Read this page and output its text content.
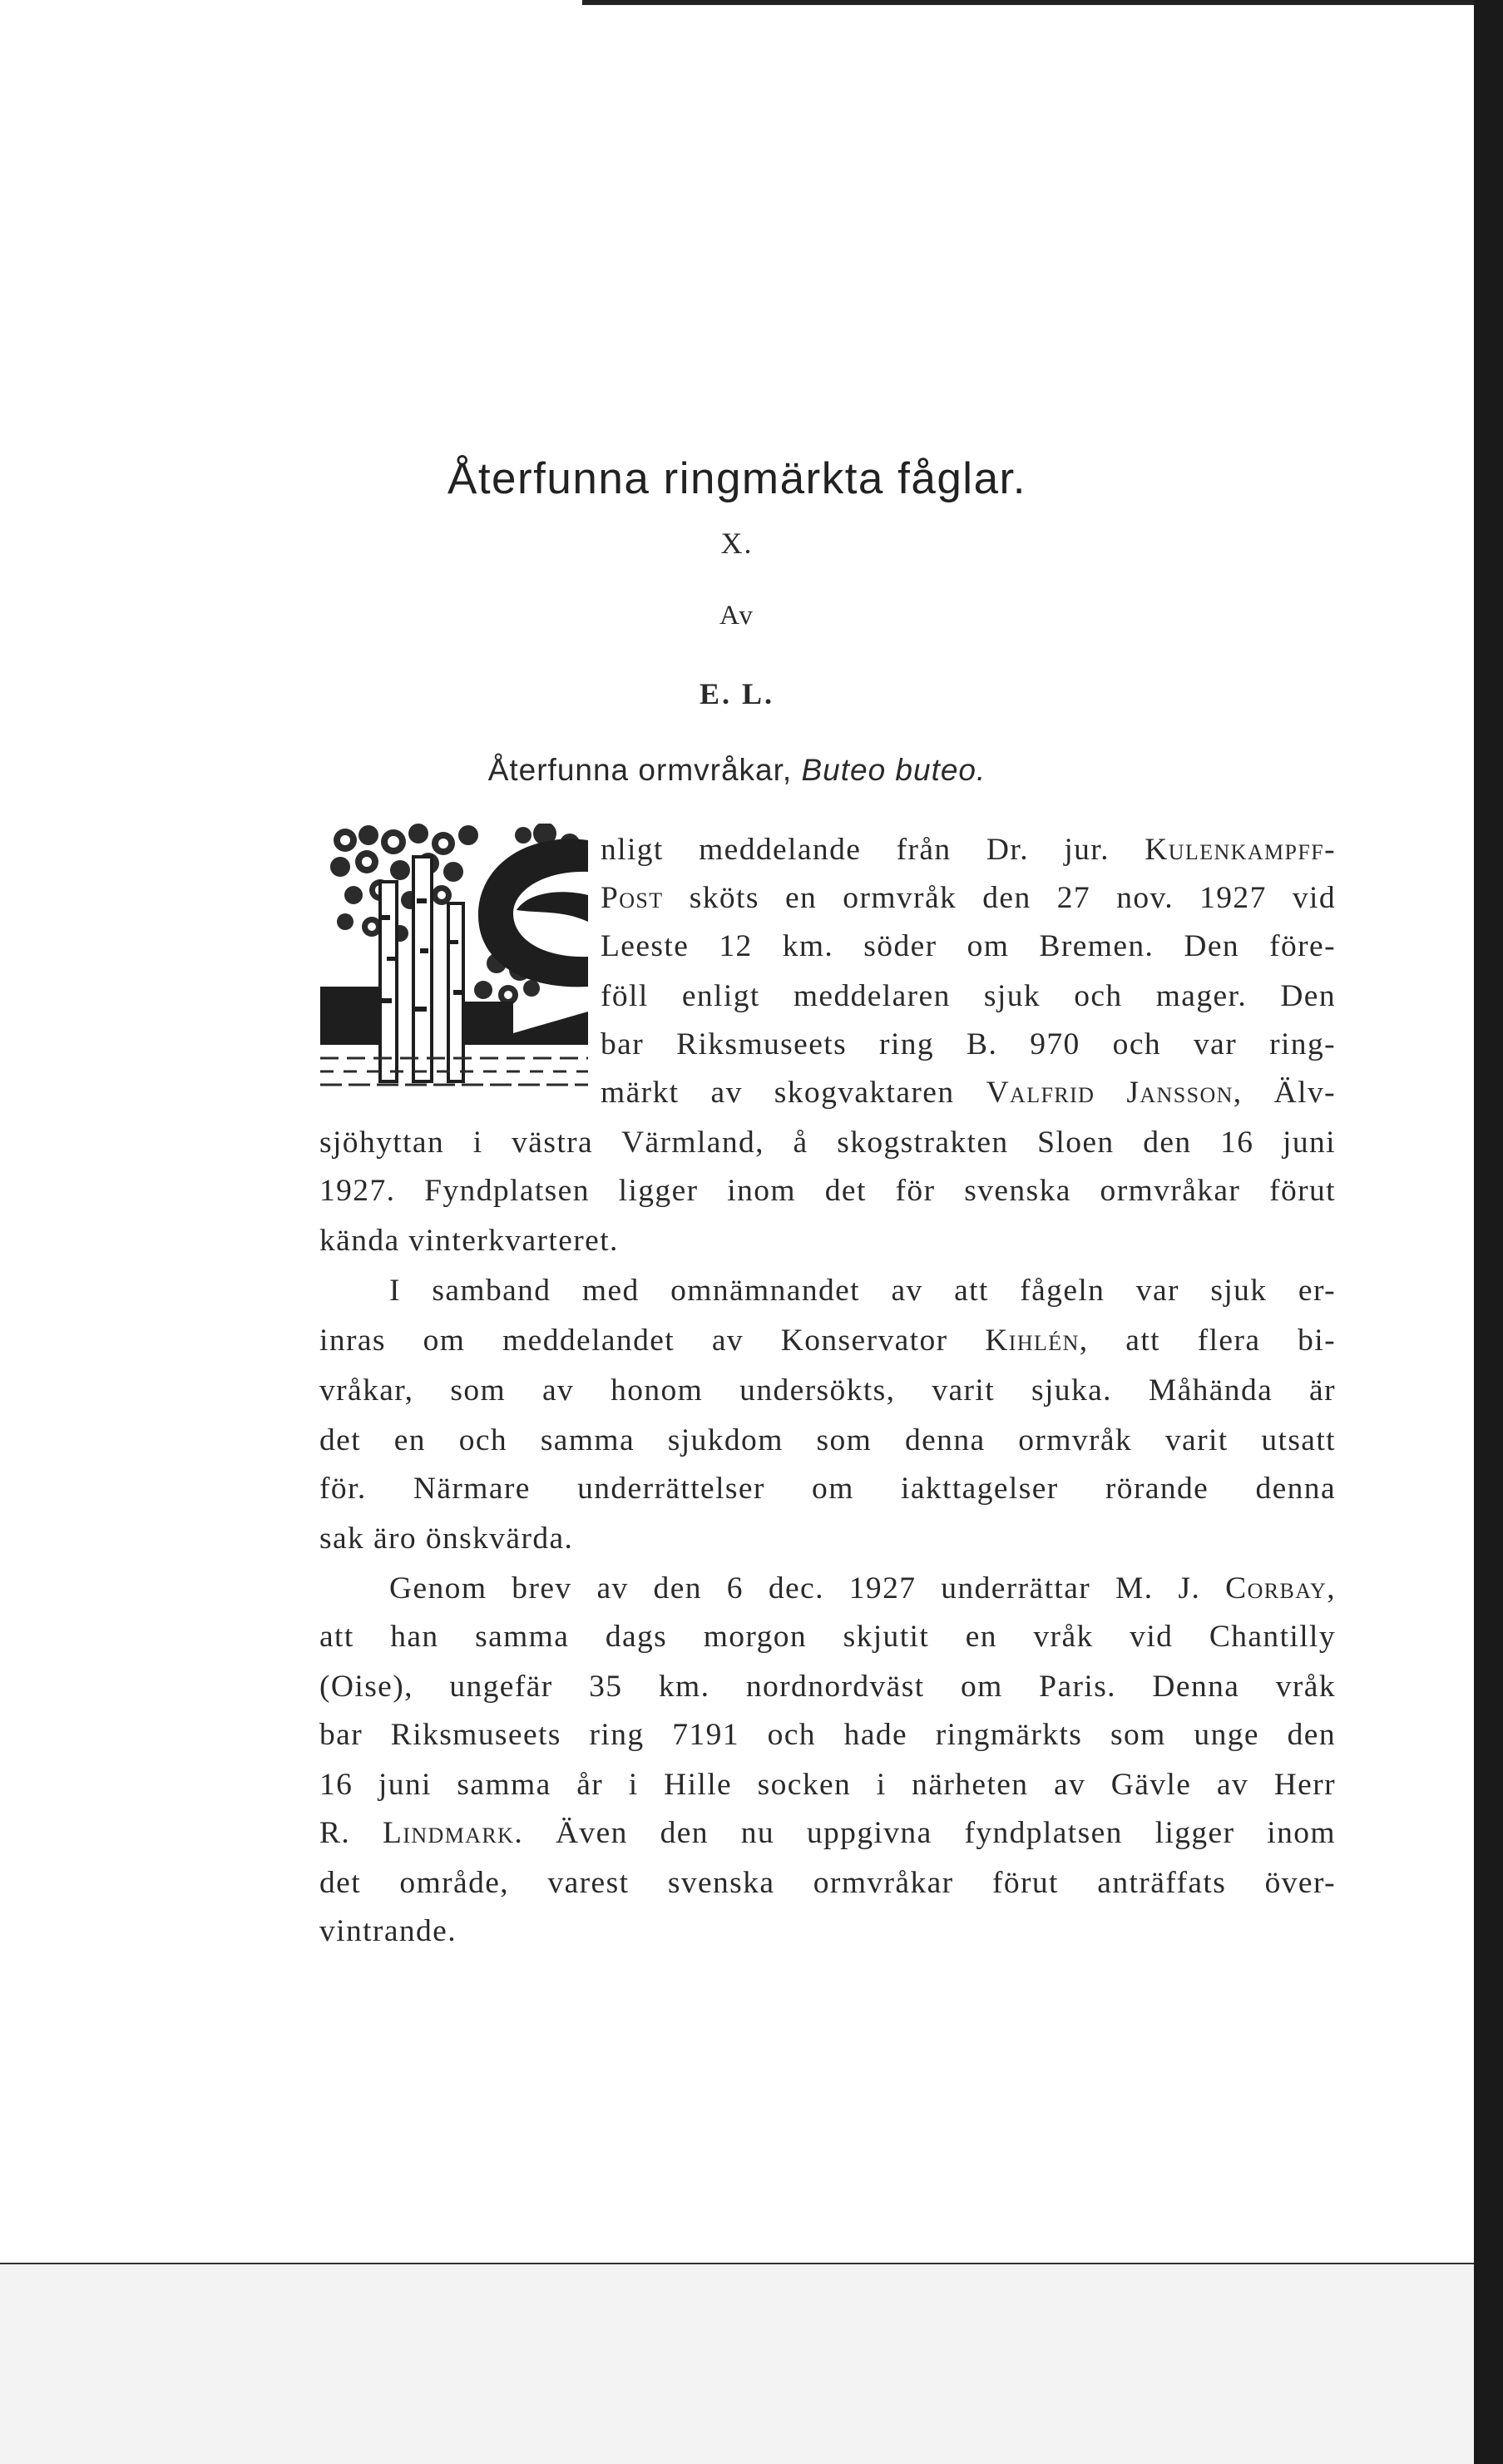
Återfunna ringmärkta fåglar.
X.
Av
E. L.
Återfunna ormvråkar, Buteo buteo.
nligt meddelande från Dr. jur. Kulenkampff-
Post sköts en ormvråk den 27 nov. 1927 vid
Leeste 12 km. söder om Bremen. Den före-
föll enligt meddelaren sjuk och mager. Den
bar Riksmuseets ring B. 970 och var ring-
märkt av skogvaktaren Valfrid Jansson, Älv-
sjöhyttan i västra Värmland, å skogstrakten Sloen den 16 juni
1927. Fyndplatsen ligger inom det för svenska ormvråkar förut
kända vinterkvarteret.
I samband med omnämnandet av att fågeln var sjuk er-
inras om meddelandet av Konservator Kihlén, att flera bi-
vråkar, som av honom undersökts, varit sjuka. Måhända är
det en och samma sjukdom som denna ormvråk varit utsatt
för. Närmare underrättelser om iakttagelser rörande denna
sak äro önskvärda.
Genom brev av den 6 dec. 1927 underrättar M. J. Corbay,
att han samma dags morgon skjutit en vråk vid Chantilly
(Oise), ungefär 35 km. nordnordväst om Paris. Denna vråk
bar Riksmuseets ring 7191 och hade ringmärkts som unge den
16 juni samma år i Hille socken i närheten av Gävle av Herr
R. Lindmark. Även den nu uppgivna fyndplatsen ligger inom
det område, varest svenska ormvråkar förut anträffats över-
vintrande.
